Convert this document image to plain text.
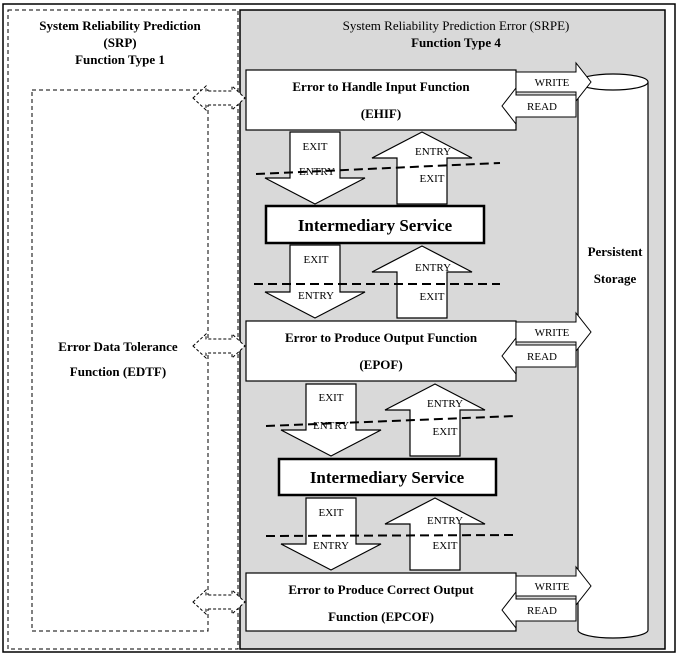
System Reliability Prediction
(SRP)
Function Type 1
Error Data Tolerance
Function (EDTF)
System Reliability Prediction Error (SRPE)
Function Type 4
Persistent
Storage
Error to Handle Input Function
(EHIF)
WRITE
READ
Error to Produce Output Function
(EPOF)
WRITE
READ
Error to Produce Correct Output
Function (EPCOF)
WRITE
READ
Intermediary Service
Intermediary Service
EXIT
ENTRY
ENTRY
EXIT
EXIT
ENTRY
ENTRY
EXIT
EXIT
ENTRY
ENTRY
EXIT
EXIT
ENTRY
ENTRY
EXIT
